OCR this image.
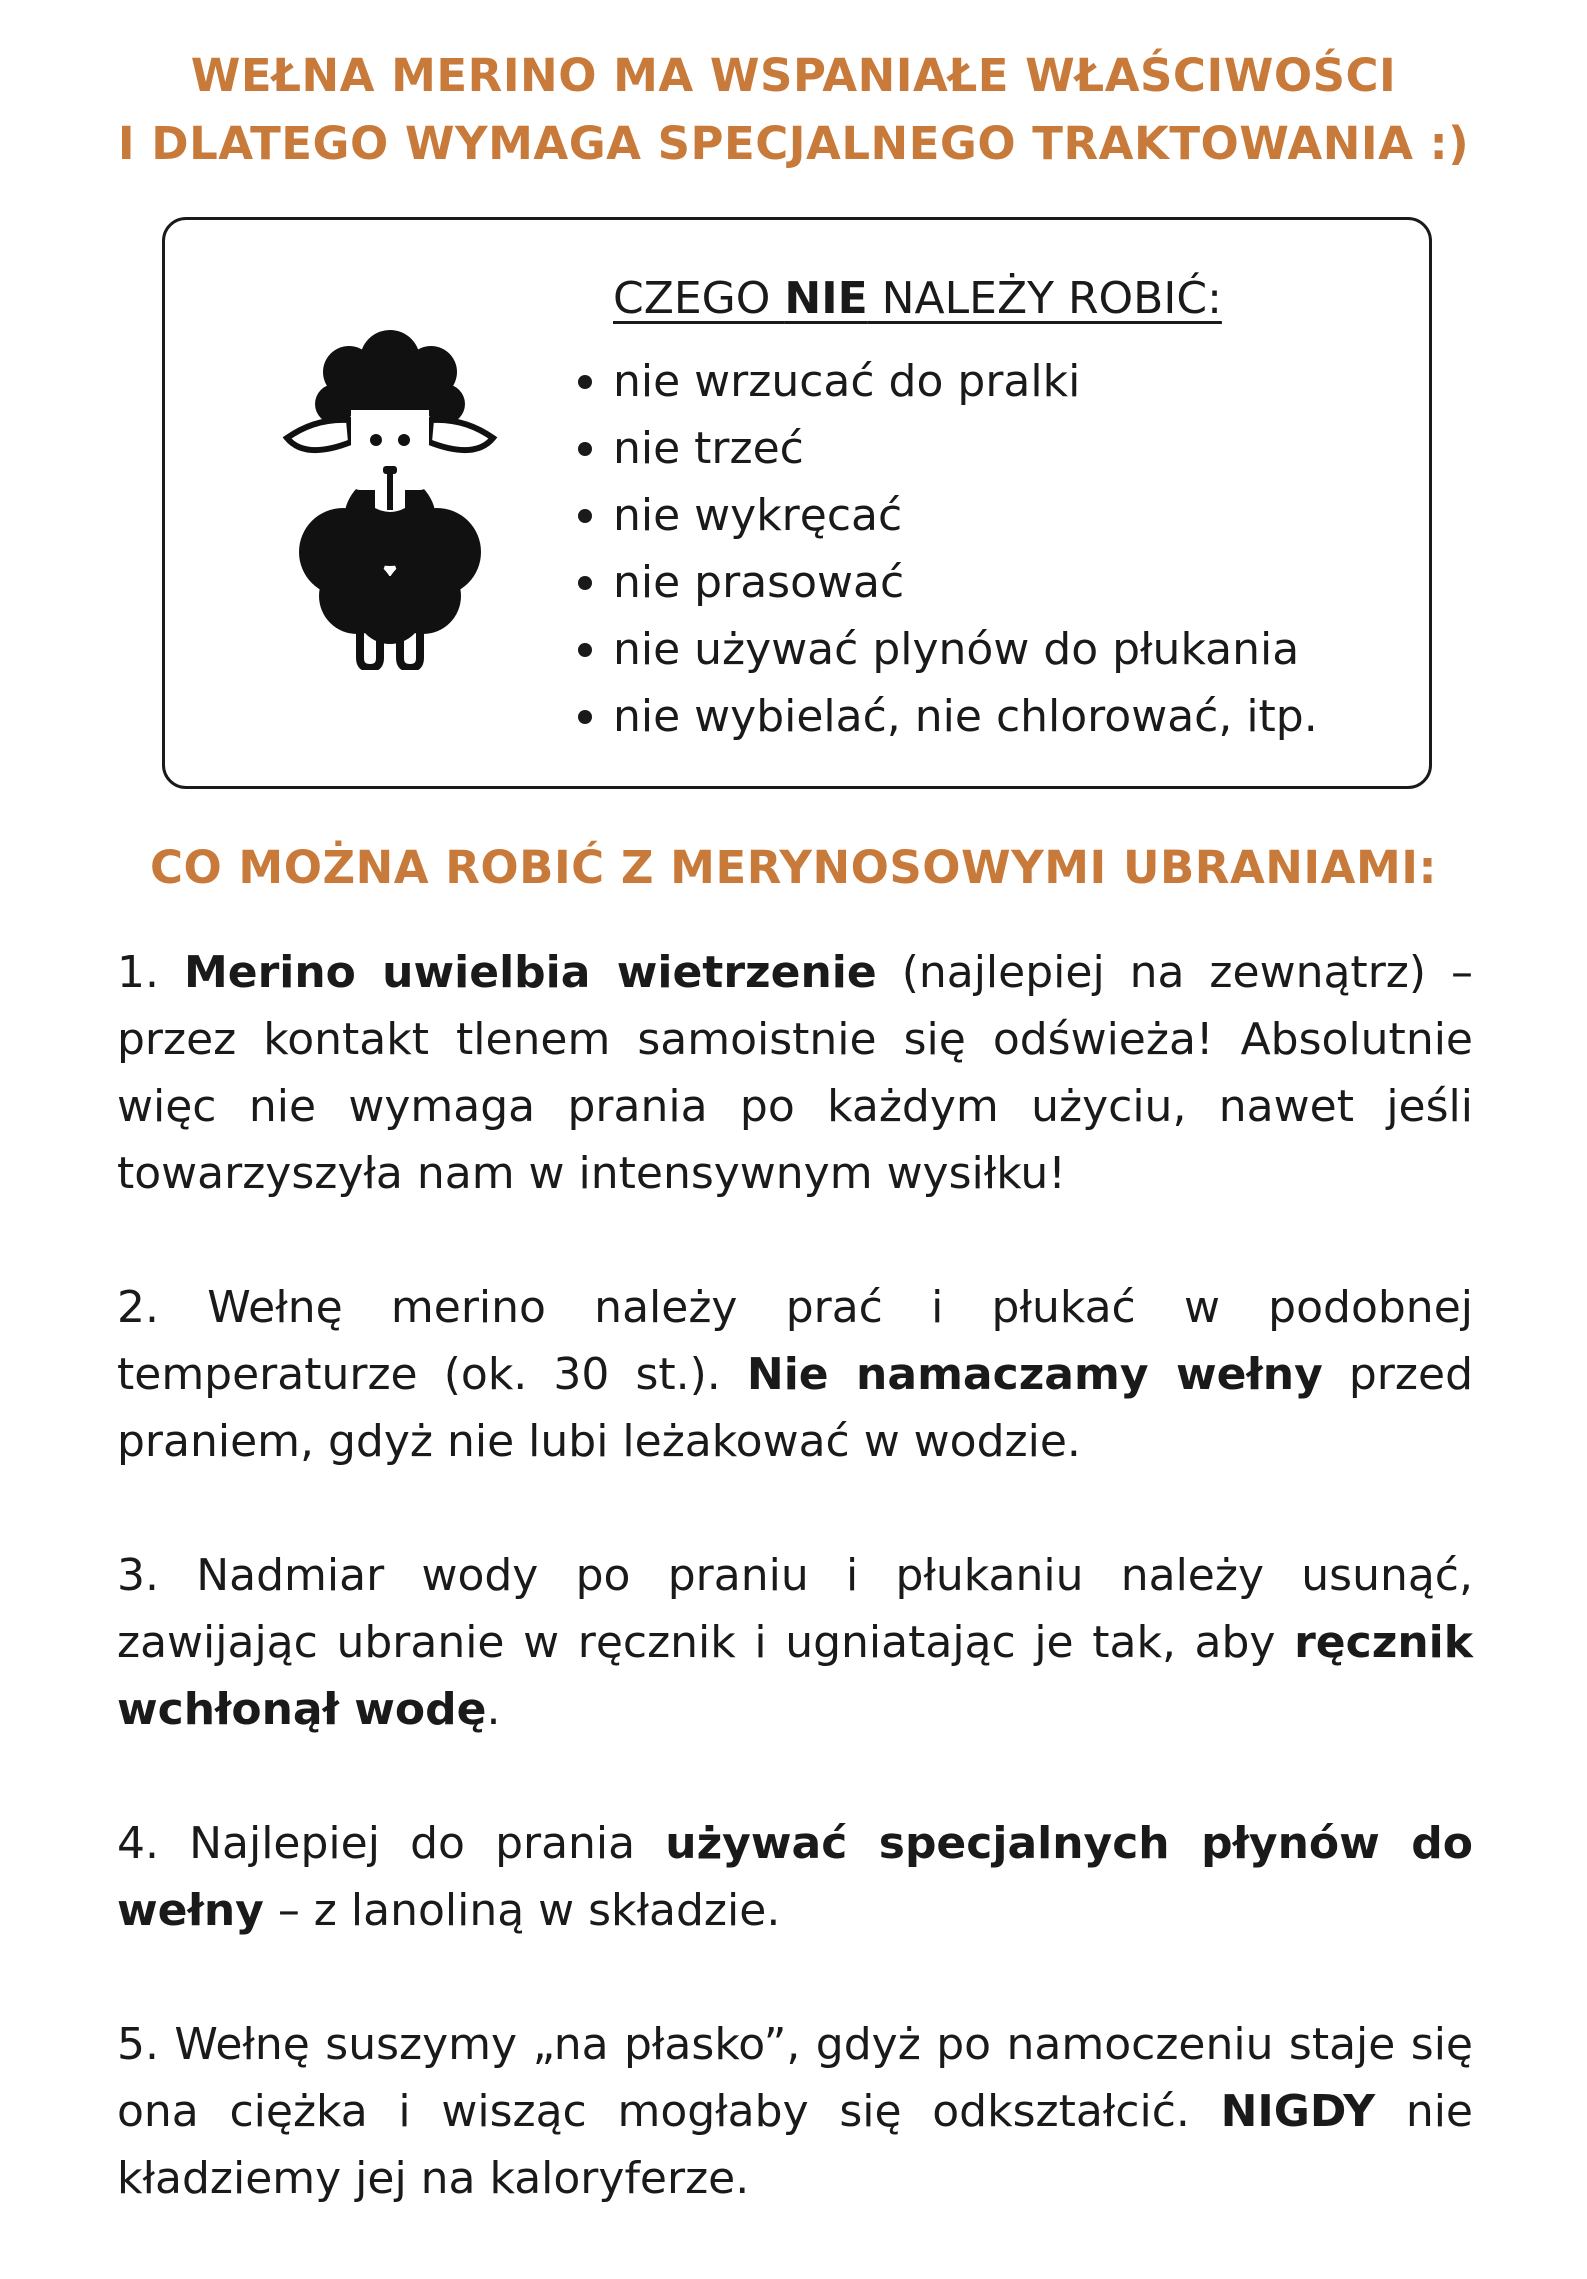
WEŁNA MERINO MA WSPANIAŁE WŁAŚCIWOŚCI
I DLATEGO WYMAGA SPECJALNEGO TRAKTOWANIA :)
CZEGO NIE NALEŻY ROBIĆ:
nie wrzucać do pralki
nie trzeć
nie wykręcać
nie prasować
nie używać plynów do płukania
nie wybielać, nie chlorować, itp.
CO MOŻNA ROBIĆ Z MERYNOSOWYMI UBRANIAMI:

1. Merino uwielbia wietrzenie (najlepiej na zewnątrz) – przez kontakt tlenem samoistnie się odświeża! Absolutnie więc nie wymaga prania po każdym użyciu, nawet jeśli towarzyszyła nam w intensywnym wysiłku!

2. Wełnę merino należy prać i płukać w podobnej temperaturze (ok. 30 st.). Nie namaczamy wełny przed praniem, gdyż nie lubi leżakować w wodzie.

3. Nadmiar wody po praniu i płukaniu należy usunąć, zawijając ubranie w ręcznik i ugniatając je tak, aby ręcznik wchłonął wodę.

4. Najlepiej do prania używać specjalnych płynów do wełny – z lanoliną w składzie.

5. Wełnę suszymy „na płasko”, gdyż po namoczeniu staje się ona ciężka i wisząc mogłaby się odkształcić. NIGDY nie kładziemy jej na kaloryferze.
